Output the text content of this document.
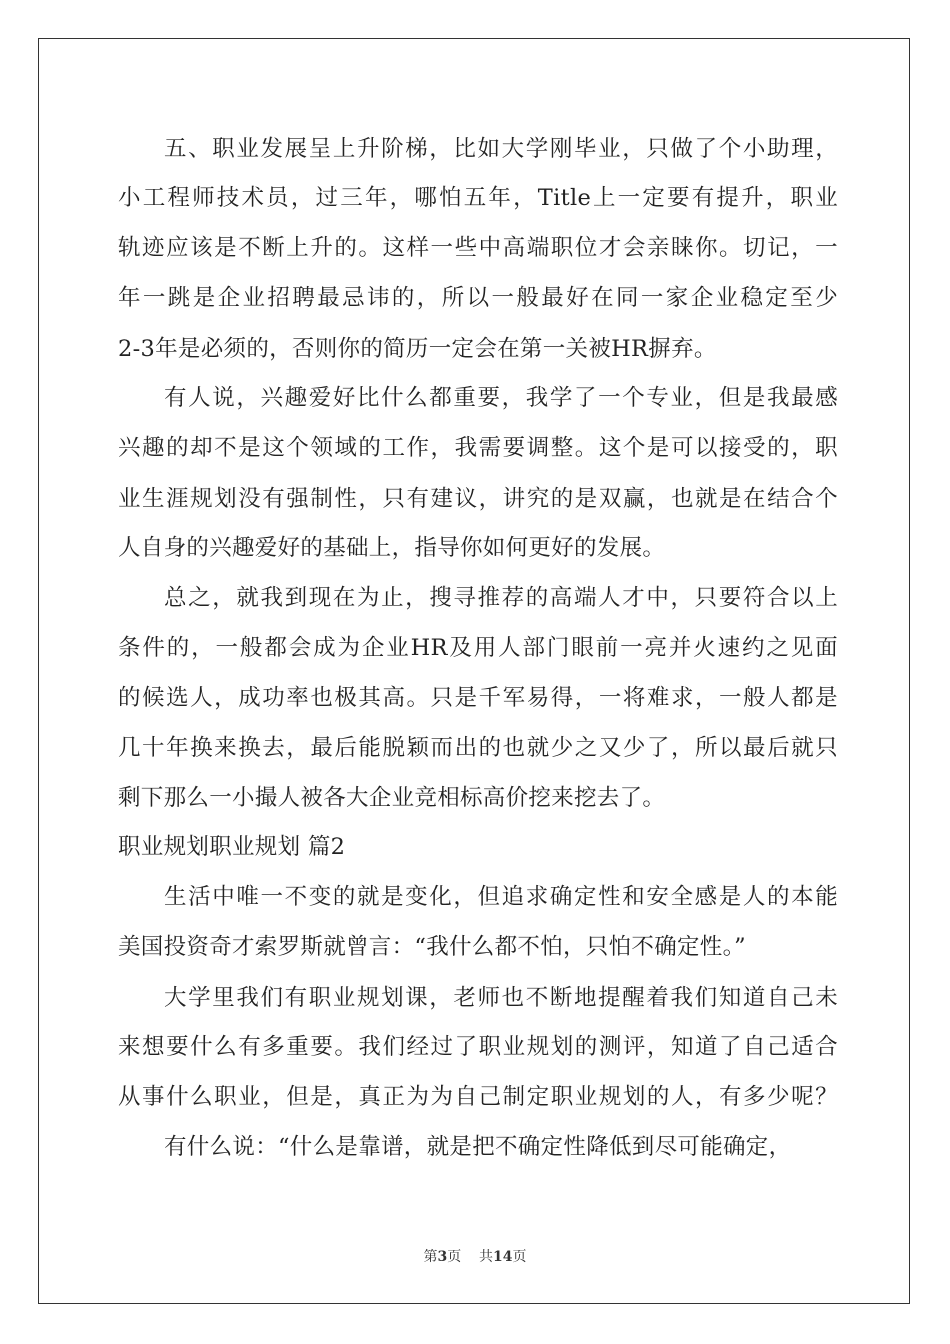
五、职业发展呈上升阶梯，比如大学刚毕业，只做了个小助理，
小工程师技术员，过三年，哪怕五年，Title上一定要有提升，职业
轨迹应该是不断上升的。这样一些中高端职位才会亲睐你。切记，一
年一跳是企业招聘最忌讳的，所以一般最好在同一家企业稳定至少
2-3年是必须的，否则你的简历一定会在第一关被HR摒弃。
有人说，兴趣爱好比什么都重要，我学了一个专业，但是我最感
兴趣的却不是这个领域的工作，我需要调整。这个是可以接受的，职
业生涯规划没有强制性，只有建议，讲究的是双赢，也就是在结合个
人自身的兴趣爱好的基础上，指导你如何更好的发展。
总之，就我到现在为止，搜寻推荐的高端人才中，只要符合以上
条件的，一般都会成为企业HR及用人部门眼前一亮并火速约之见面
的候选人，成功率也极其高。只是千军易得，一将难求，一般人都是
几十年换来换去，最后能脱颖而出的也就少之又少了，所以最后就只
剩下那么一小撮人被各大企业竞相标高价挖来挖去了。
职业规划职业规划 篇2
生活中唯一不变的就是变化，但追求确定性和安全感是人的本能
美国投资奇才索罗斯就曾言：“我什么都不怕，只怕不确定性。”
大学里我们有职业规划课，老师也不断地提醒着我们知道自己未
来想要什么有多重要。我们经过了职业规划的测评，知道了自己适合
从事什么职业，但是，真正为为自己制定职业规划的人，有多少呢？
有什么说：“什么是靠谱，就是把不确定性降低到尽可能确定，
第3页 共14页
